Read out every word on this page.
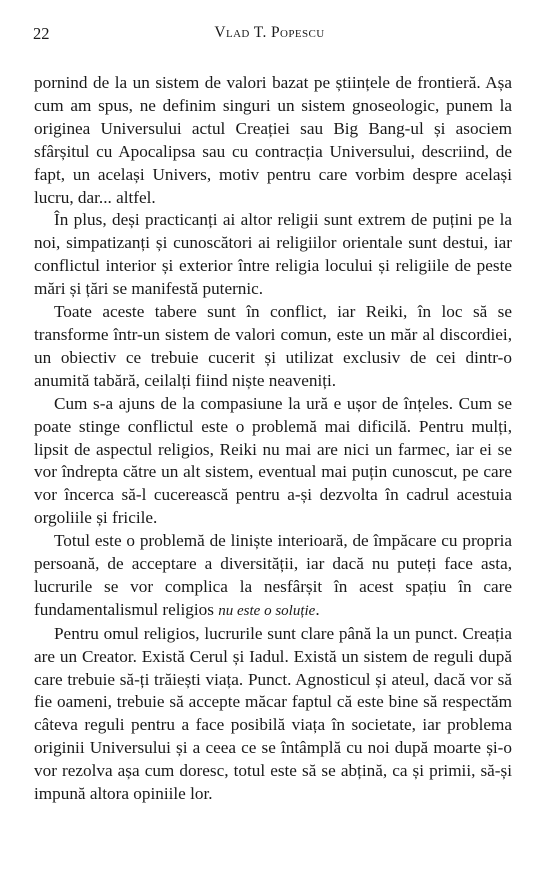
22	Vlad T. Popescu

pornind de la un sistem de valori bazat pe științele de frontieră. Așa cum am spus, ne definim singuri un sistem gnoseologic, punem la originea Universului actul Creației sau Big Bang-ul și asociem sfârșitul cu Apocalipsa sau cu contracția Universului, descriind, de fapt, un același Univers, motiv pentru care vorbim despre același lucru, dar... altfel.

În plus, deși practicanți ai altor religii sunt extrem de puțini pe la noi, simpatizanți și cunoscători ai religiilor orientale sunt destui, iar conflictul interior și exterior între religia locului și religiile de peste mări și țări se manifestă puternic.

Toate aceste tabere sunt în conflict, iar Reiki, în loc să se transforme într-un sistem de valori comun, este un măr al discordiei, un obiectiv ce trebuie cucerit și utilizat exclusiv de cei dintr-o anumită tabără, ceilalți fiind niște neaveniți.

Cum s-a ajuns de la compasiune la ură e ușor de înțeles. Cum se poate stinge conflictul este o problemă mai dificilă. Pentru mulți, lipsit de aspectul religios, Reiki nu mai are nici un farmec, iar ei se vor îndrepta către un alt sistem, eventual mai puțin cunoscut, pe care vor încerca să-l cucerească pentru a-și dezvolta în cadrul acestuia orgoliile și fricile.

Totul este o problemă de liniște interioară, de împăcare cu propria persoană, de acceptare a diversității, iar dacă nu puteți face asta, lucrurile se vor complica la nesfârșit în acest spațiu în care fundamentalismul religios nu este o soluție.

Pentru omul religios, lucrurile sunt clare până la un punct. Creația are un Creator. Există Cerul și Iadul. Există un sistem de reguli după care trebuie să-ți trăiești viața. Punct. Agnosticul și ateul, dacă vor să fie oameni, trebuie să accepte măcar faptul că este bine să respectăm câteva reguli pentru a face posibilă viața în societate, iar problema originii Universului și a ceea ce se întâmplă cu noi după moarte și-o vor rezolva așa cum doresc, totul este să se abțină, ca și primii, să-și impună altora opiniile lor.
